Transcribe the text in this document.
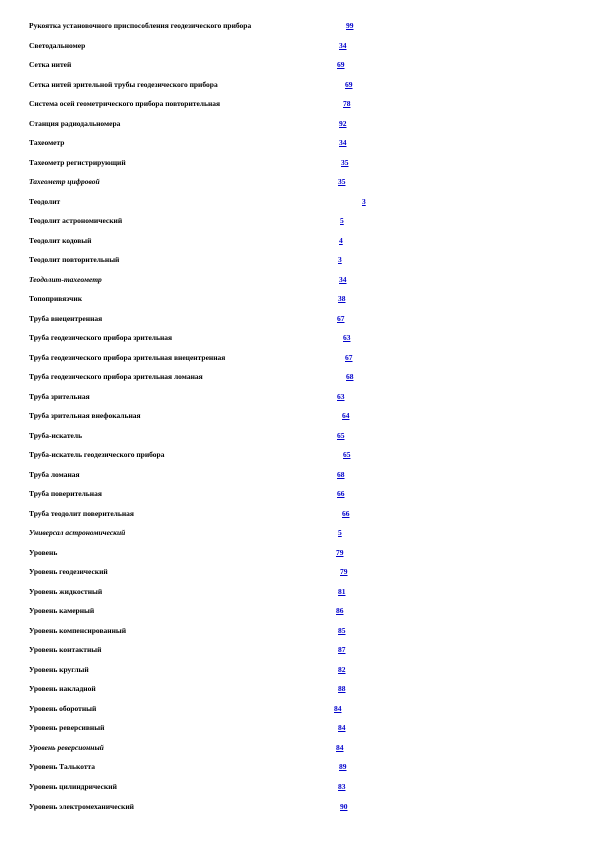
Рукоятка установочного приспособления геодезического прибора	99
Светодальномер	34
Сетка нитей	69
Сетка нитей зрительной трубы геодезического прибора	69
Система осей геометрического прибора повторительная	78
Станция радиодальномера	92
Тахеометр	34
Тахеометр регистрирующий	35
Тахеометр цифровой	35
Теодолит	3
Теодолит астрономический	5
Теодолит кодовый	4
Теодолит повторительный	3
Теодолит-тахеометр	34
Топопривязчик	38
Труба внецентренная	67
Труба геодезического прибора зрительная	63
Труба геодезического прибора зрительная внецентренная	67
Труба геодезического прибора зрительная ломаная	68
Труба зрительная	63
Труба зрительная внефокальная	64
Труба-искатель	65
Труба-искатель геодезического прибора	65
Труба ломаная	68
Труба поверительная	66
Труба теодолит поверительная	66
Универсал астрономический	5
Уровень	79
Уровень геодезический	79
Уровень жидкостный	81
Уровень камерный	86
Уровень компенсированный	85
Уровень контактный	87
Уровень круглый	82
Уровень накладной	88
Уровень оборотный	84
Уровень реверсивный	84
Уровень реверсионный	84
Уровень Талькотта	89
Уровень цилиндрический	83
Уровень электромеханический	90
